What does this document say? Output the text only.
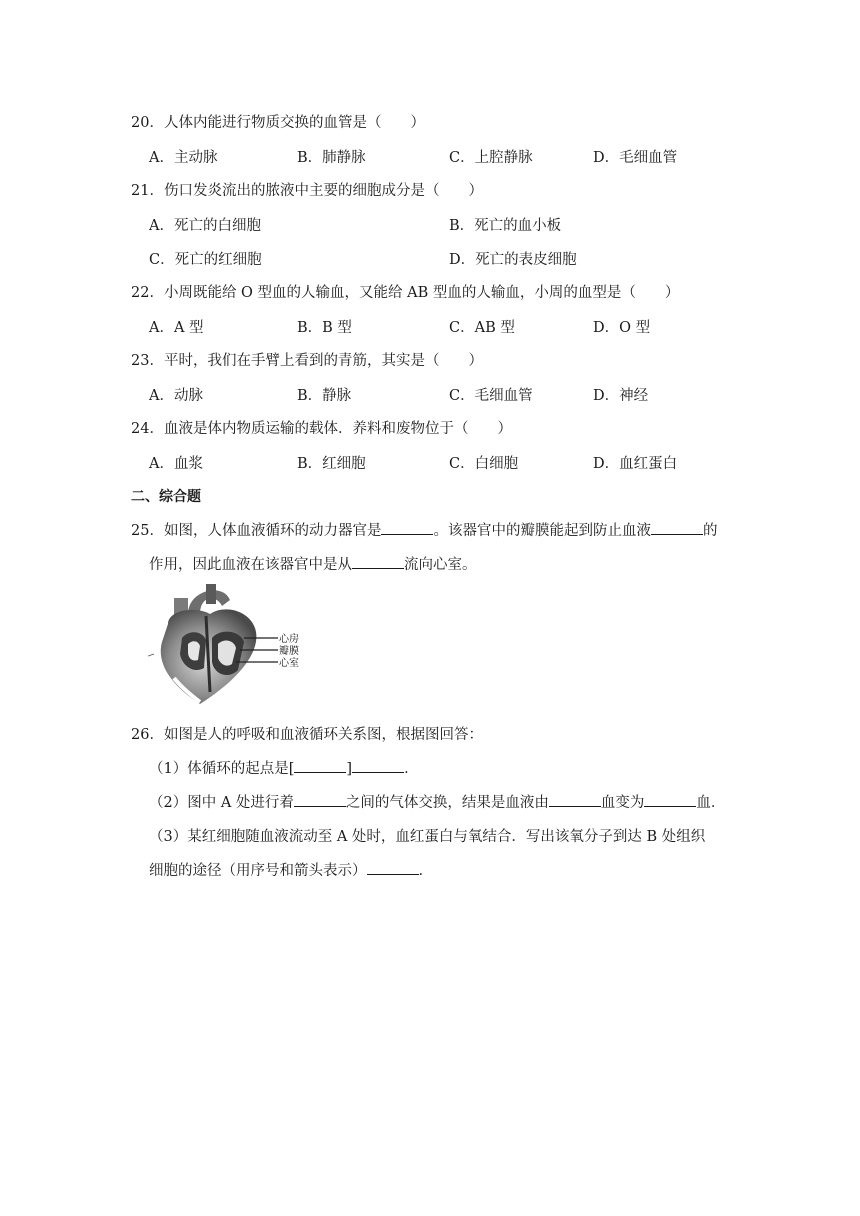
20．人体内能进行物质交换的血管是（　　）
A．主动脉	B．肺静脉	C．上腔静脉	D．毛细血管
21．伤口发炎流出的脓液中主要的细胞成分是（　　）
A．死亡的白细胞	B．死亡的血小板
C．死亡的红细胞	D．死亡的表皮细胞
22．小周既能给 O 型血的人输血，又能给 AB 型血的人输血，小周的血型是（　　）
A．A 型	B．B 型	C．AB 型	D．O 型
23．平时，我们在手臂上看到的青筋，其实是（　　）
A．动脉	B．静脉	C．毛细血管	D．神经
24．血液是体内物质运输的载体．养料和废物位于（　　）
A．血浆	B．红细胞	C．白细胞	D．血红蛋白
二、综合题
25．如图，人体血液循环的动力器官是	。该器官中的瓣膜能起到防止血液	的
作用，因此血液在该器官中是从	流向心室。
心房
瓣膜
心室
26．如图是人的呼吸和血液循环关系图，根据图回答：
（1）体循环的起点是[	]	．
（2）图中 A 处进行着	之间的气体交换，结果是血液由	血变为	血．
（3）某红细胞随血液流动至 A 处时，血红蛋白与氧结合．写出该氧分子到达 B 处组织
细胞的途径（用序号和箭头表示）	．
